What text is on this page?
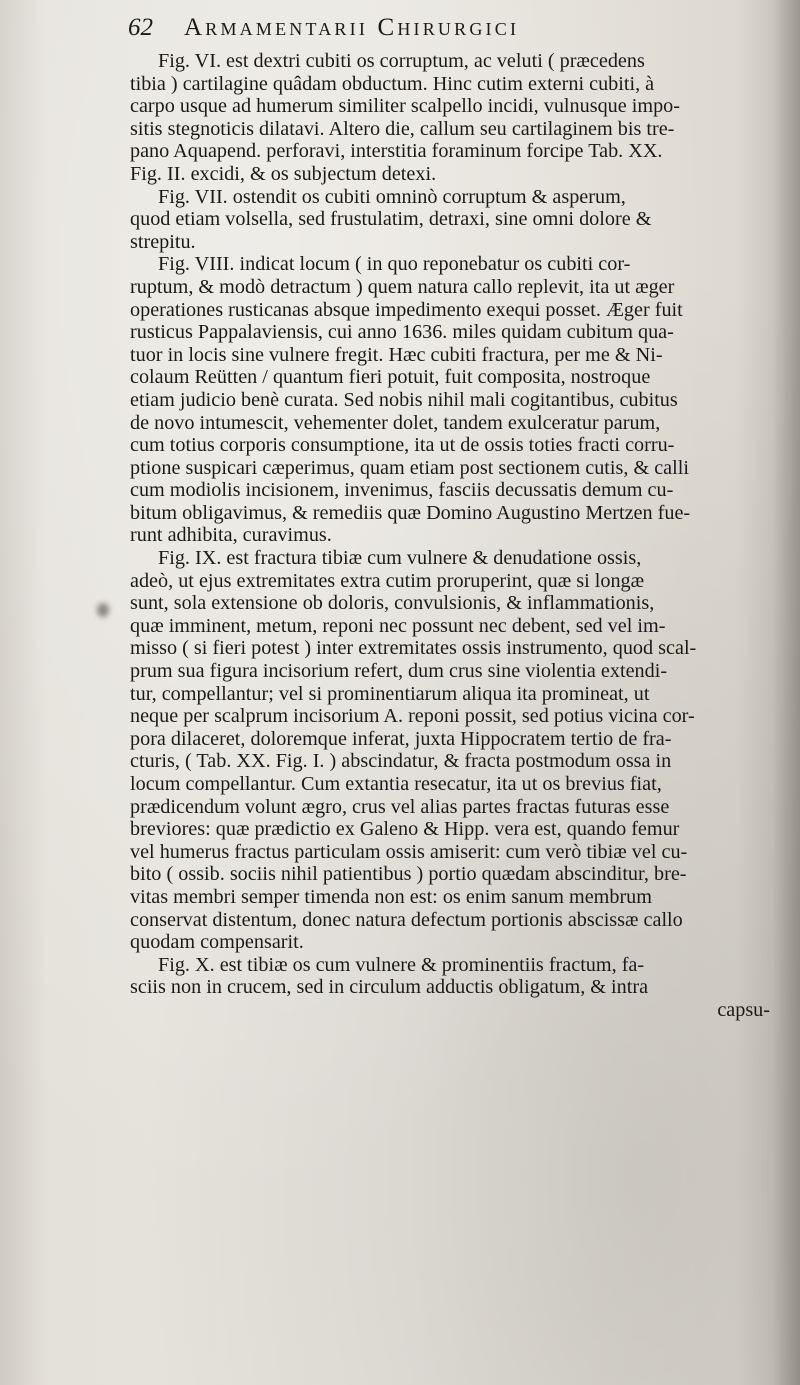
62 Armamentarii Chirurgici
Fig. VI. est dextri cubiti os corruptum, ac veluti ( præcedens
tibia ) cartilagine quâdam obductum. Hinc cutim externi cubiti, à
carpo usque ad humerum similiter scalpello incidi, vulnusque impo-
sitis stegnoticis dilatavi. Altero die, callum seu cartilaginem bis tre-
pano Aquapend. perforavi, interstitia foraminum forcipe Tab. XX.
Fig. II. excidi, & os subjectum detexi.
Fig. VII. ostendit os cubiti omninò corruptum & asperum,
quod etiam volsella, sed frustulatim, detraxi, sine omni dolore &
strepitu.
Fig. VIII. indicat locum ( in quo reponebatur os cubiti cor-
ruptum, & modò detractum ) quem natura callo replevit, ita ut æger
operationes rusticanas absque impedimento exequi posset. Æger fuit
rusticus Pappalaviensis, cui anno 1636. miles quidam cubitum qua-
tuor in locis sine vulnere fregit. Hæc cubiti fractura, per me & Ni-
colaum Reütten / quantum fieri potuit, fuit composita, nostroque
etiam judicio benè curata. Sed nobis nihil mali cogitantibus, cubitus
de novo intumescit, vehementer dolet, tandem exulceratur parum,
cum totius corporis consumptione, ita ut de ossis toties fracti corru-
ptione suspicari cæperimus, quam etiam post sectionem cutis, & calli
cum modiolis incisionem, invenimus, fasciis decussatis demum cu-
bitum obligavimus, & remediis quæ Domino Augustino Mertzen fue-
runt adhibita, curavimus.
Fig. IX. est fractura tibiæ cum vulnere & denudatione ossis,
adeò, ut ejus extremitates extra cutim proruperint, quæ si longæ
sunt, sola extensione ob doloris, convulsionis, & inflammationis,
quæ imminent, metum, reponi nec possunt nec debent, sed vel im-
misso ( si fieri potest ) inter extremitates ossis instrumento, quod scal-
prum sua figura incisorium refert, dum crus sine violentia extendi-
tur, compellantur; vel si prominentiarum aliqua ita promineat, ut
neque per scalprum incisorium A. reponi possit, sed potius vicina cor-
pora dilaceret, doloremque inferat, juxta Hippocratem tertio de fra-
cturis, ( Tab. XX. Fig. I. ) abscindatur, & fracta postmodum ossa in
locum compellantur. Cum extantia resecatur, ita ut os brevius fiat,
prædicendum volunt ægro, crus vel alias partes fractas futuras esse
breviores: quæ prædictio ex Galeno & Hipp. vera est, quando femur
vel humerus fractus particulam ossis amiserit: cum verò tibiæ vel cu-
bito ( ossib. sociis nihil patientibus ) portio quædam abscinditur, bre-
vitas membri semper timenda non est: os enim sanum membrum
conservat distentum, donec natura defectum portionis abscissæ callo
quodam compensarit.
Fig. X. est tibiæ os cum vulnere & prominentiis fractum, fa-
sciis non in crucem, sed in circulum adductis obligatum, & intra
capsu-
